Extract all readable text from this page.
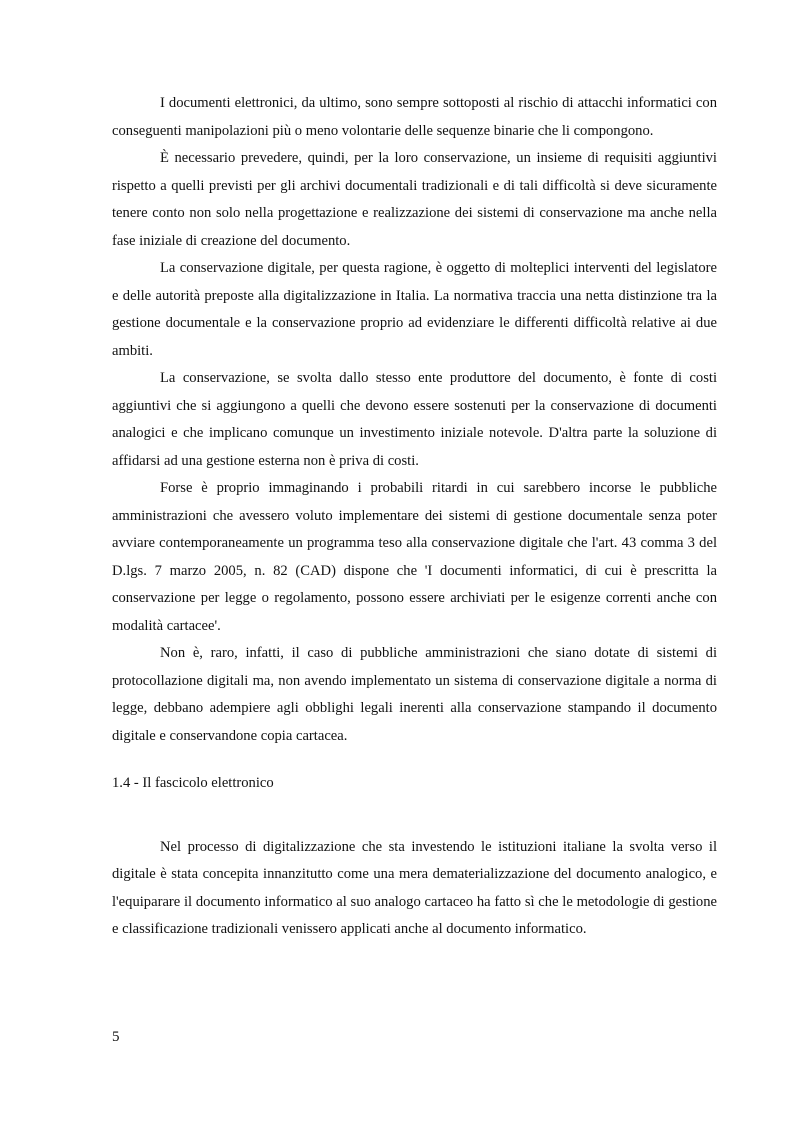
I documenti elettronici, da ultimo, sono sempre sottoposti al rischio di attacchi informatici con conseguenti manipolazioni più o meno volontarie delle sequenze binarie che li compongono.

È necessario prevedere, quindi, per la loro conservazione, un insieme di requisiti aggiuntivi rispetto a quelli previsti per gli archivi documentali tradizionali e di tali difficoltà si deve sicuramente tenere conto non solo nella progettazione e realizzazione dei sistemi di conservazione ma anche nella fase iniziale di creazione del documento.

La conservazione digitale, per questa ragione, è oggetto di molteplici interventi del legislatore e delle autorità preposte alla digitalizzazione in Italia. La normativa traccia una netta distinzione tra la gestione documentale e la conservazione proprio ad evidenziare le differenti difficoltà relative ai due ambiti.

La conservazione, se svolta dallo stesso ente produttore del documento, è fonte di costi aggiuntivi che si aggiungono a quelli che devono essere sostenuti per la conservazione di documenti analogici e che implicano comunque un investimento iniziale notevole. D'altra parte la soluzione di affidarsi ad una gestione esterna non è priva di costi.

Forse è proprio immaginando i probabili ritardi in cui sarebbero incorse le pubbliche amministrazioni che avessero voluto implementare dei sistemi di gestione documentale senza poter avviare contemporaneamente un programma teso alla conservazione digitale che l'art. 43 comma 3 del D.lgs. 7 marzo 2005, n. 82 (CAD) dispone che 'I documenti informatici, di cui è prescritta la conservazione per legge o regolamento, possono essere archiviati per le esigenze correnti anche con modalità cartacee'.

Non è, raro, infatti, il caso di pubbliche amministrazioni che siano dotate di sistemi di protocollazione digitali ma, non avendo implementato un sistema di conservazione digitale a norma di legge, debbano adempiere agli obblighi legali inerenti alla conservazione stampando il documento digitale e conservandone copia cartacea.

1.4 - Il fascicolo elettronico

Nel processo di digitalizzazione che sta investendo le istituzioni italiane la svolta verso il digitale è stata concepita innanzitutto come una mera dematerializzazione del documento analogico, e l'equiparare il documento informatico al suo analogo cartaceo ha fatto sì che le metodologie di gestione e classificazione tradizionali venissero applicati anche al documento informatico.

5
